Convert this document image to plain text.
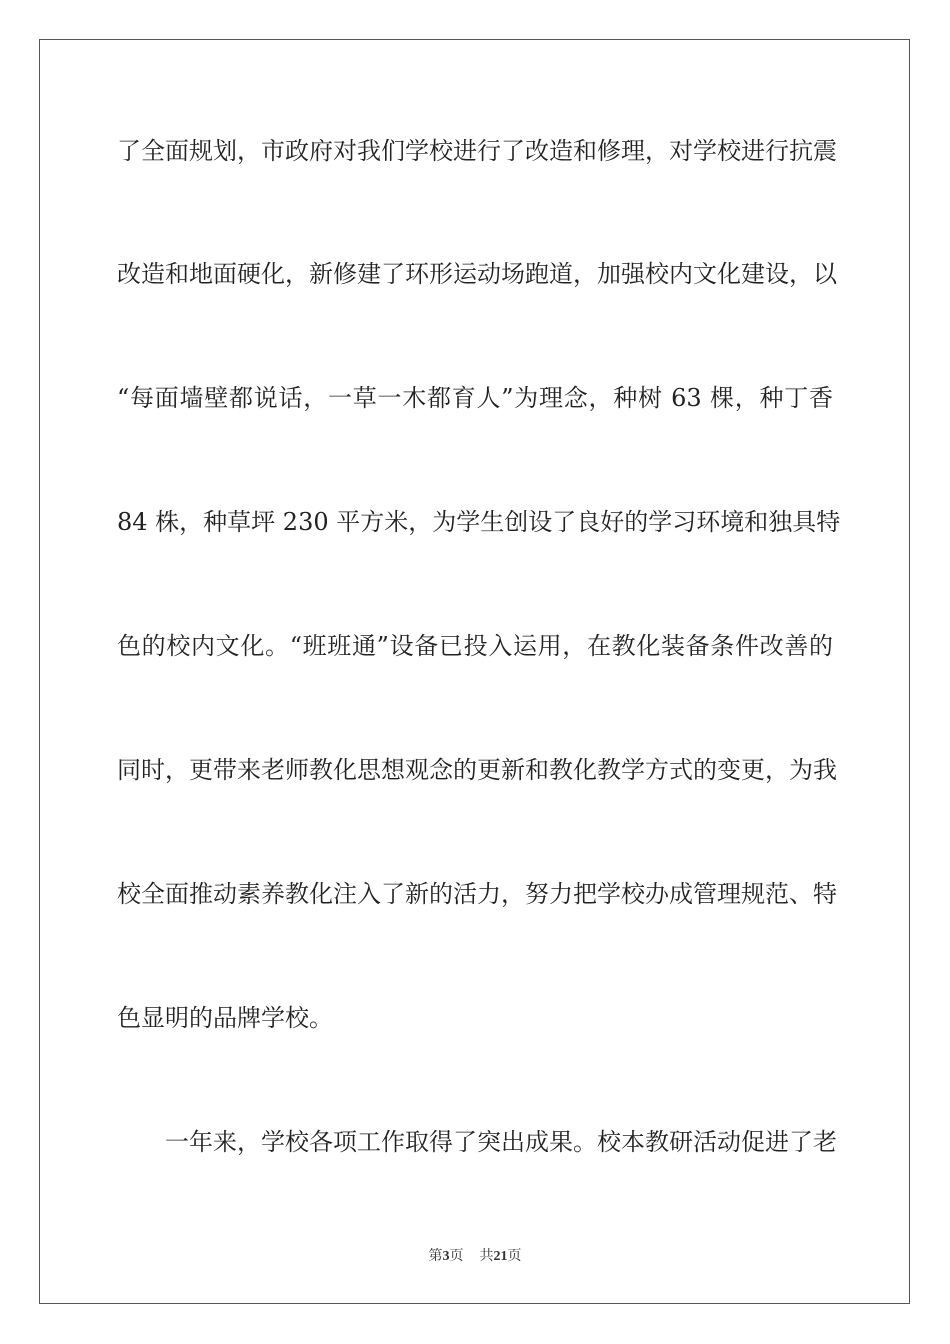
了全面规划，市政府对我们学校进行了改造和修理，对学校进行抗震
改造和地面硬化，新修建了环形运动场跑道，加强校内文化建设，以
“每面墙壁都说话，一草一木都育人”为理念，种树 63 棵，种丁香
84 株，种草坪 230 平方米，为学生创设了良好的学习环境和独具特
色的校内文化。“班班通”设备已投入运用，在教化装备条件改善的
同时，更带来老师教化思想观念的更新和教化教学方式的变更，为我
校全面推动素养教化注入了新的活力，努力把学校办成管理规范、特
色显明的品牌学校。
一年来，学校各项工作取得了突出成果。校本教研活动促进了老
第3页 共21页
